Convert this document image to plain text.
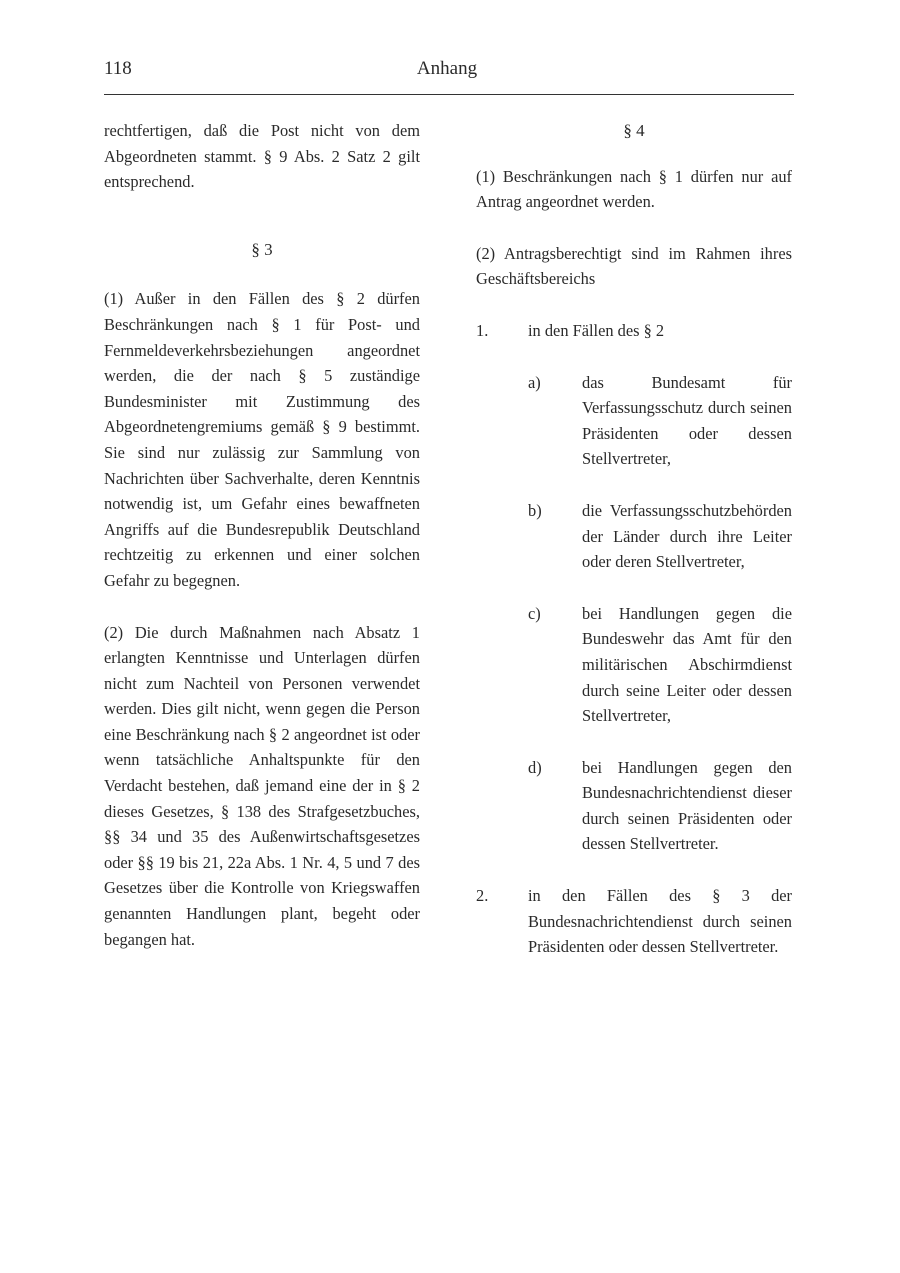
118	Anhang

rechtfertigen, daß die Post nicht von dem Abgeordneten stammt. § 9 Abs. 2 Satz 2 gilt entsprechend.

§ 3

(1) Außer in den Fällen des § 2 dürfen Beschränkungen nach § 1 für Post- und Fernmeldeverkehrsbeziehungen angeordnet werden, die der nach § 5 zuständige Bundesminister mit Zustimmung des Abgeordnetengremiums gemäß § 9 bestimmt. Sie sind nur zulässig zur Sammlung von Nachrichten über Sachverhalte, deren Kenntnis notwendig ist, um Gefahr eines bewaffneten Angriffs auf die Bundesrepublik Deutschland rechtzeitig zu erkennen und einer solchen Gefahr zu begegnen.

(2) Die durch Maßnahmen nach Absatz 1 erlangten Kenntnisse und Unterlagen dürfen nicht zum Nachteil von Personen verwendet werden. Dies gilt nicht, wenn gegen die Person eine Beschränkung nach § 2 angeordnet ist oder wenn tatsächliche Anhaltspunkte für den Verdacht bestehen, daß jemand eine der in § 2 dieses Gesetzes, § 138 des Strafgesetzbuches, §§ 34 und 35 des Außenwirtschaftsgesetzes oder §§ 19 bis 21, 22a Abs. 1 Nr. 4, 5 und 7 des Gesetzes über die Kontrolle von Kriegswaffen genannten Handlungen plant, begeht oder begangen hat.

§ 4

(1) Beschränkungen nach § 1 dürfen nur auf Antrag angeordnet werden.

(2) Antragsberechtigt sind im Rahmen ihres Geschäftsbereichs

1. in den Fällen des § 2
a)	das Bundesamt für Verfassungsschutz durch seinen Präsidenten oder dessen Stellvertreter,
b) die Verfassungsschutzbehörden der Länder durch ihre Leiter oder deren Stellvertreter,
c)	bei Handlungen gegen die Bundeswehr das Amt für den militärischen Abschirmdienst durch seine Leiter oder dessen Stellvertreter,
d) bei Handlungen gegen den Bundesnachrichtendienst dieser durch seinen Präsidenten oder dessen Stellvertreter.
2. in den Fällen des § 3 der Bundesnachrichtendienst durch seinen Präsidenten oder dessen Stellvertreter.
